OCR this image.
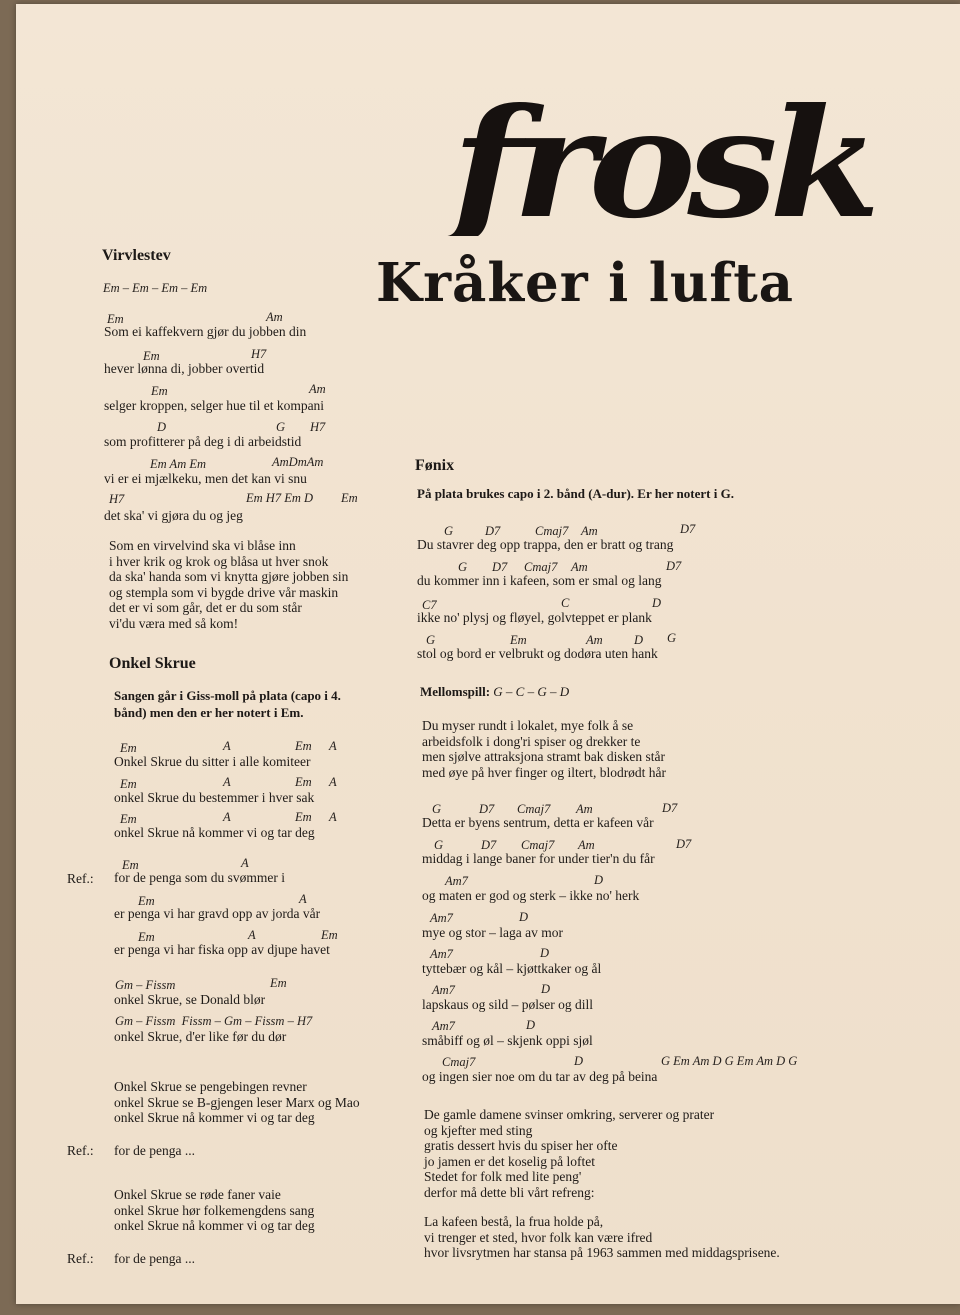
frosk
Kråker i lufta
Virvlestev
Em – Em – Em – Em
Em	Am
Som ei kaffekvern gjør du jobben din
Em	H7
hever lønna di, jobber overtid
Em	Am
selger kroppen, selger hue til et kompani
D	G H7
som profitterer på deg i di arbeidstid
Em Am Em	AmDmAm
vi er ei mjælkeku, men det kan vi snu
H7	Em H7 Em D Em
det ska' vi gjøra du og jeg
Som en virvelvind ska vi blåse inn
i hver krik og krok og blåsa ut hver snok
da ska' handa som vi knytta gjøre jobben sin
og stempla som vi bygde drive vår maskin
det er vi som går, det er du som står
vi'du væra med så kom!
Onkel Skrue
Sangen går i Giss-moll på plata (capo i 4. bånd) men den er her notert i Em.
Em	A	Em A
Onkel Skrue du sitter i alle komiteer
Em	A	Em A
onkel Skrue du bestemmer i hver sak
Em	A	Em A
onkel Skrue nå kommer vi og tar deg
Em	A
Ref.: for de penga som du svømmer i
Em	A
er penga vi har gravd opp av jorda vår
Em	A	Em
er penga vi har fiska opp av djupe havet
Gm – Fissm	Em
onkel Skrue, se Donald blør
Gm – Fissm  Fissm – Gm – Fissm – H7
onkel Skrue, d'er like før du dør
Onkel Skrue se pengebingen revner
onkel Skrue se B-gjengen leser Marx og Mao
onkel Skrue nå kommer vi og tar deg
Ref.: for de penga ...
Onkel Skrue se røde faner vaie
onkel Skrue hør folkemengdens sang
onkel Skrue nå kommer vi og tar deg
Ref.: for de penga ...
Fønix
På plata brukes capo i 2. bånd (A-dur). Er her notert i G.
G	D7	Cmaj7 Am	D7
Du stavrer deg opp trappa, den er bratt og trang
G D7 Cmaj7 Am	D7
du kommer inn i kafeen, som er smal og lang
C7	C	D
ikke no' plysj og fløyel, golvteppet er plank
G	Em	Am	D G
stol og bord er velbrukt og dodøra uten hank
Mellomspill: G – C – G – D
Du myser rundt i lokalet, mye folk å se
arbeidsfolk i dong'ri spiser og drekker te
men sjølve attraksjona stramt bak disken står
med øye på hver finger og iltert, blodrødt hår
G	D7 Cmaj7 Am	D7
Detta er byens sentrum, detta er kafeen vår
G	D7 Cmaj7 Am	D7
middag i lange baner for under tier'n du får
Am7	D
og maten er god og sterk – ikke no' herk
Am7	D
mye og stor – laga av mor
Am7	D
tyttebær og kål – kjøttkaker og ål
Am7	D
lapskaus og sild – pølser og dill
Am7	D
småbiff og øl – skjenk oppi sjøl
Cmaj7	D	G Em Am D G Em Am D G
og ingen sier noe om du tar av deg på beina
De gamle damene svinser omkring, serverer og prater
og kjefter med sting
gratis dessert hvis du spiser her ofte
jo jamen er det koselig på loftet
Stedet for folk med lite peng'
derfor må dette bli vårt refreng:
La kafeen bestå, la frua holde på,
vi trenger et sted, hvor folk kan være ifred
hvor livsrytmen har stansa på 1963 sammen med middagsprisene.
